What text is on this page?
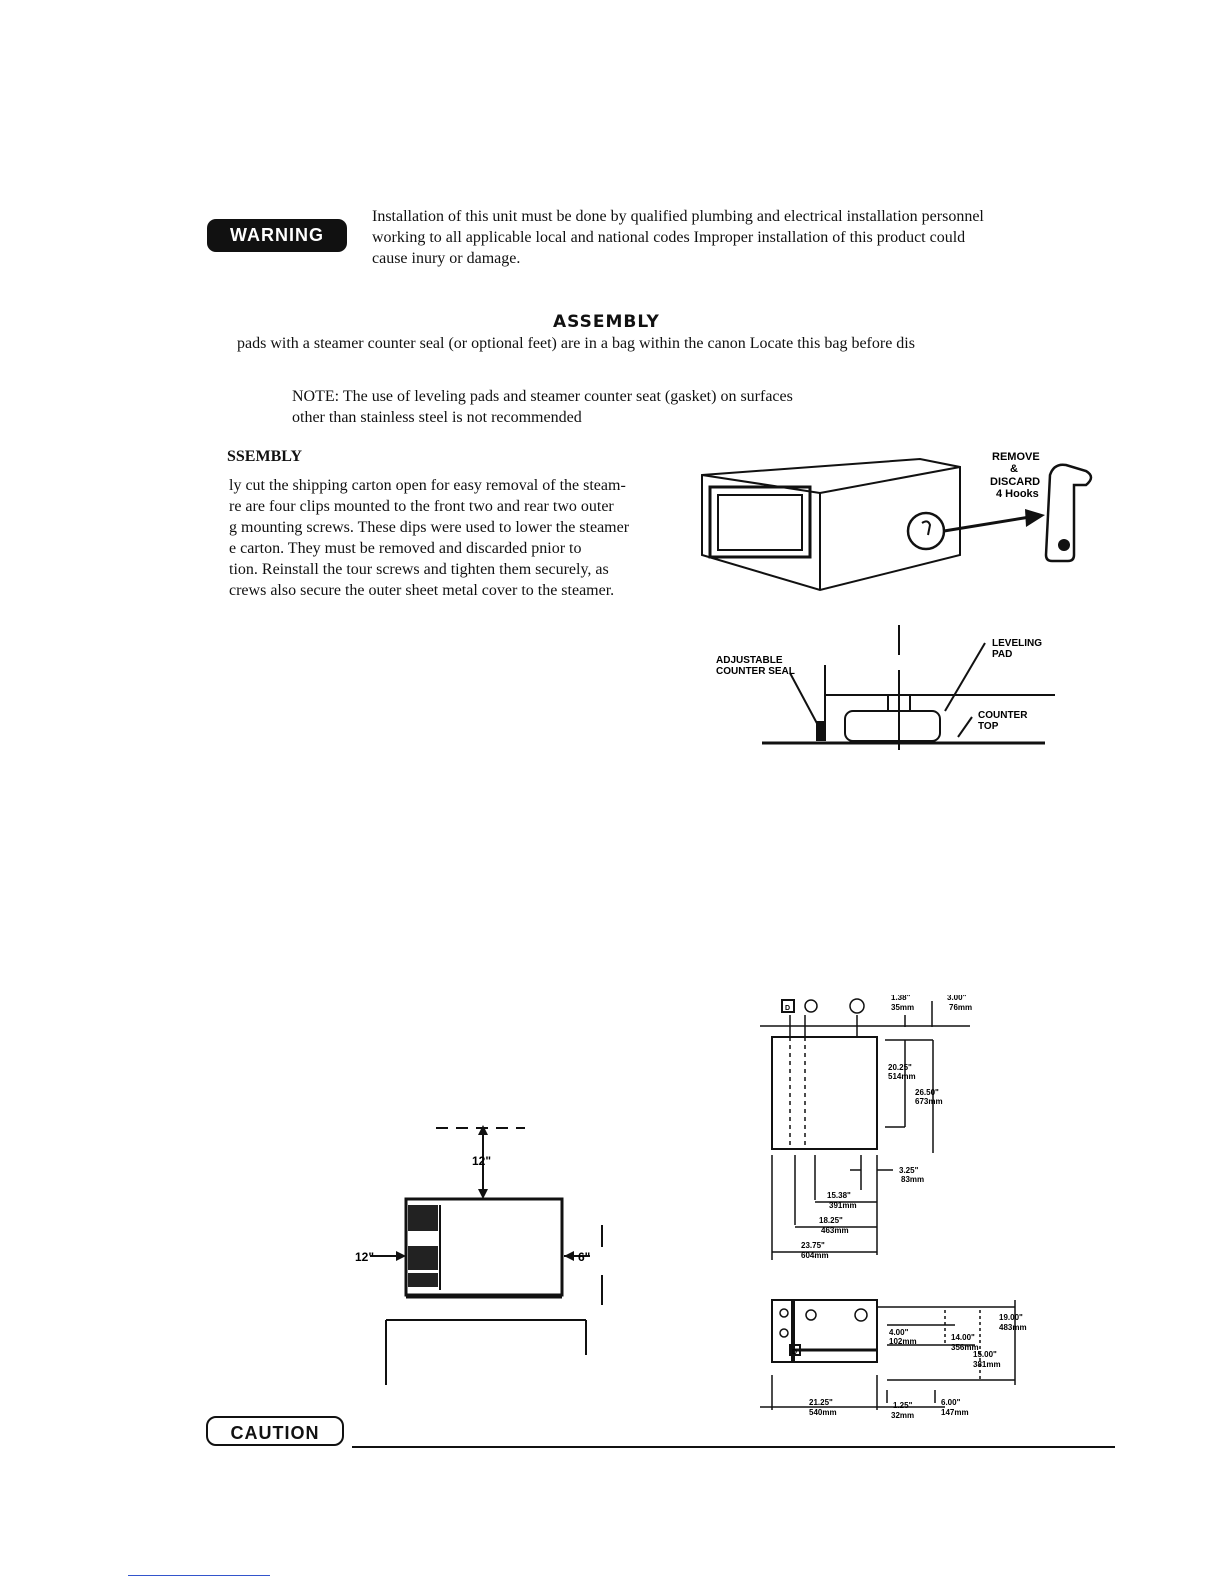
WARNING
Installation of this unit must be done by qualified plumbing and electrical installation personnel working to all applicable local and national codes Improper installation of this product could cause inury or damage.
ASSEMBLY
pads with a steamer counter seal (or optional feet) are in a bag within the canon Locate this bag before dis
NOTE: The use of leveling pads and steamer counter seat (gasket) on surfaces
other than stainless steel is not recommended
SSEMBLY
ly cut the shipping carton open for easy removal of the steam-
re are four clips mounted to the front two and rear two outer
g mounting screws. These dips were used to lower the steamer
e carton. They must be removed and discarded pnior to
tion. Reinstall the tour screws and tighten them securely, as
crews also secure the outer sheet metal cover to the steamer.
REMOVE
&
DISCARD
4 Hooks
ADJUSTABLE
COUNTER SEAL
LEVELING
PAD
COUNTER
TOP
12"
12"	6"
1.38"
35mm
3.00"
76mm
20.25"
514mm
26.50"
673mm
3.25"
83mm
15.38"
391mm
18.25"
463mm
23.75"
604mm
19.00"
483mm
4.00"
102mm	14.00"
356mm
15.00"
381mm
21.25"
540mm
1.25"
32mm
6.00"
147mm
D
D
CAUTION
